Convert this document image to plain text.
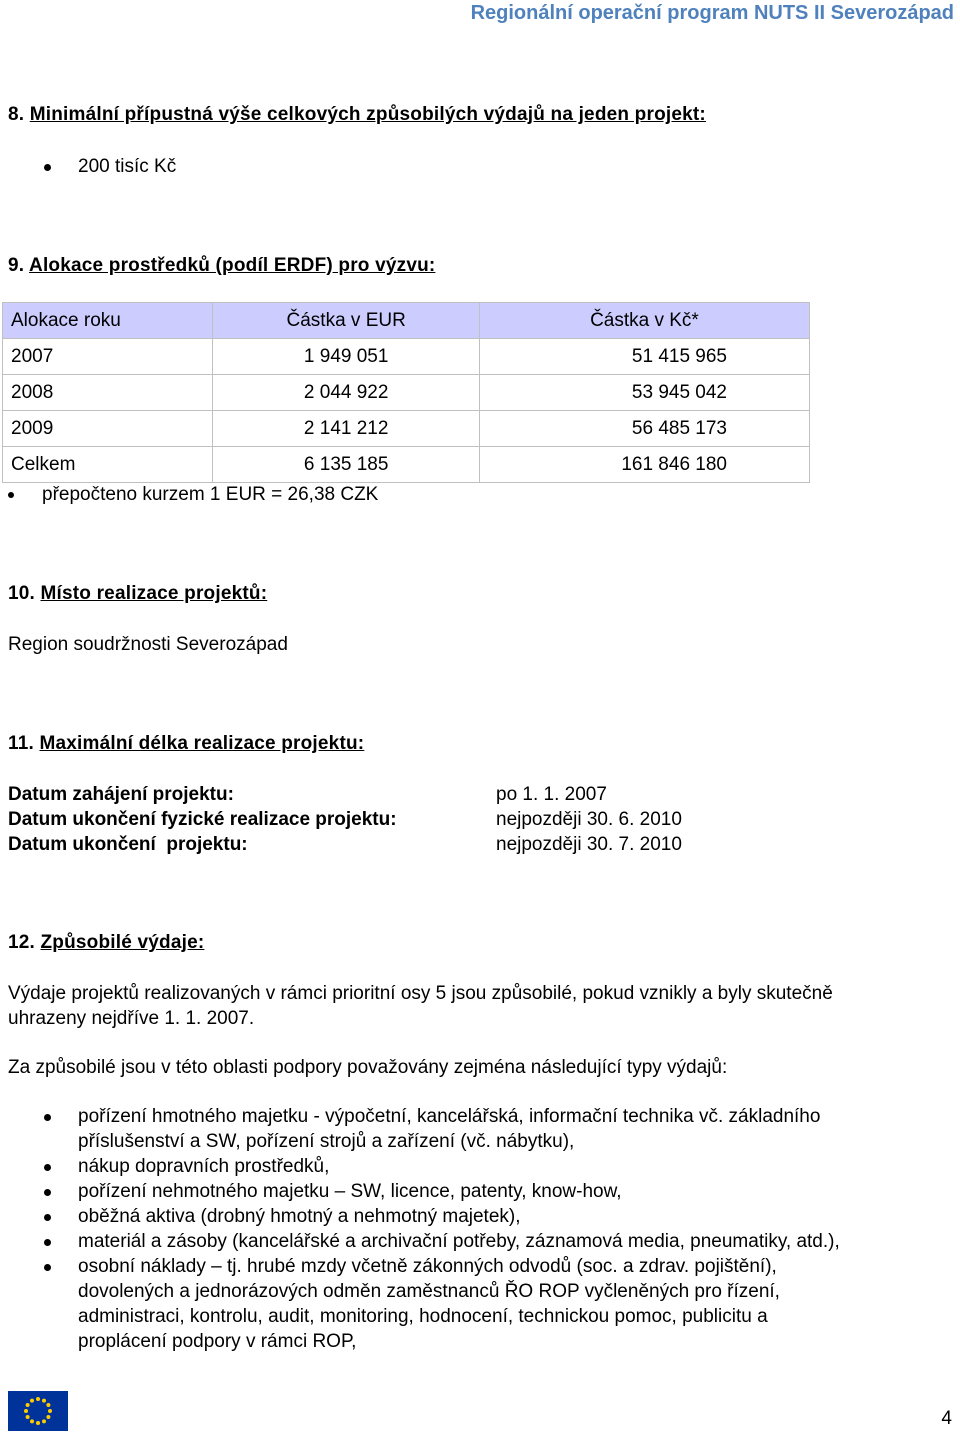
Regionální operační program NUTS II Severozápad
8. Minimální přípustná výše celkových způsobilých výdajů na jeden projekt:
200 tisíc Kč
9. Alokace prostředků (podíl ERDF) pro výzvu:
Alokace roku	Částka v EUR	Částka v Kč*
2007	1 949 051	51 415 965
2008	2 044 922	53 945 042
2009	2 141 212	56 485 173
Celkem	6 135 185	161 846 180
přepočteno kurzem 1 EUR = 26,38 CZK
10. Místo realizace projektů:
Region soudržnosti Severozápad
11. Maximální délka realizace projektu:
Datum zahájení projektu:	po 1. 1. 2007
Datum ukončení fyzické realizace projektu:	nejpozději 30. 6. 2010
Datum ukončení  projektu:	nejpozději 30. 7. 2010
12. Způsobilé výdaje:
Výdaje projektů realizovaných v rámci prioritní osy 5 jsou způsobilé, pokud vznikly a byly skutečně
uhrazeny nejdříve 1. 1. 2007.
Za způsobilé jsou v této oblasti podpory považovány zejména následující typy výdajů:
pořízení hmotného majetku - výpočetní, kancelářská, informační technika vč. základního
příslušenství a SW, pořízení strojů a zařízení (vč. nábytku),
nákup dopravních prostředků,
pořízení nehmotného majetku – SW, licence, patenty, know-how,
oběžná aktiva (drobný hmotný a nehmotný majetek),
materiál a zásoby (kancelářské a archivační potřeby, záznamová media, pneumatiky, atd.),
osobní náklady – tj. hrubé mzdy včetně zákonných odvodů (soc. a zdrav. pojištění),
dovolených a jednorázových odměn zaměstnanců ŘO ROP vyčleněných pro řízení,
administraci, kontrolu, audit, monitoring, hodnocení, technickou pomoc, publicitu a
proplácení podpory v rámci ROP,
4
